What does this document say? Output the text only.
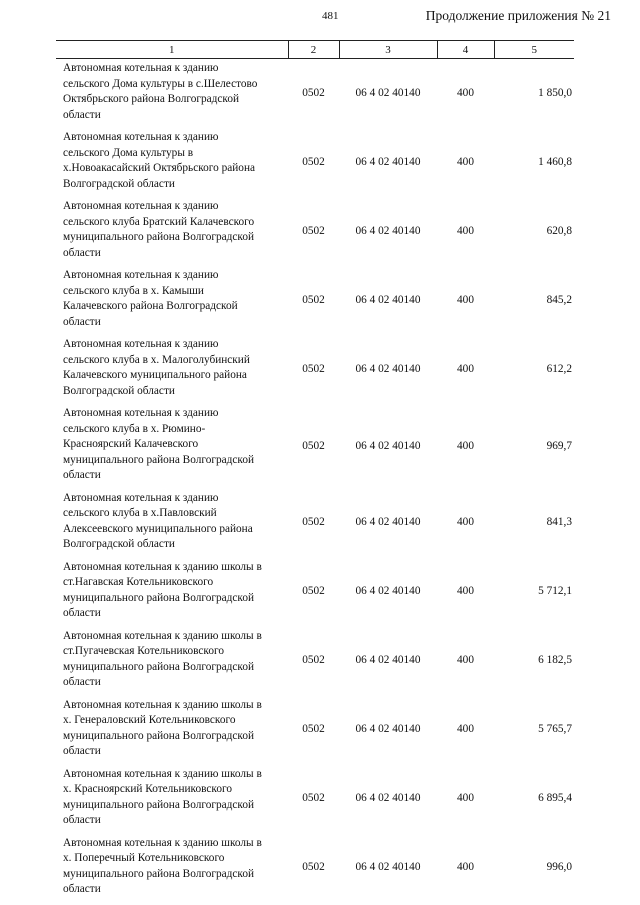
481	Продолжение приложения № 21
1	2	3	4	5

Автономная котельная к зданию
сельского Дома культуры в с.Шелестово
Октябрьского района Волгоградской
области	0502	06 4 02 40140	400	1 850,0

Автономная котельная к зданию
сельского Дома культуры в
х.Новоакасайский Октябрьского района
Волгоградской области	0502	06 4 02 40140	400	1 460,8

Автономная котельная к зданию
сельского клуба Братский Калачевского
муниципального района Волгоградской
области	0502	06 4 02 40140	400	620,8

Автономная котельная к зданию
сельского клуба в х. Камыши
Калачевского района Волгоградской
области	0502	06 4 02 40140	400	845,2

Автономная котельная к зданию
сельского клуба в х. Малоголубинский
Калачевского муниципального района
Волгоградской области	0502	06 4 02 40140	400	612,2

Автономная котельная к зданию
сельского клуба в х. Рюмино-
Красноярский Калачевского
муниципального района Волгоградской
области	0502	06 4 02 40140	400	969,7

Автономная котельная к зданию
сельского клуба в х.Павловский
Алексеевского муниципального района
Волгоградской области	0502	06 4 02 40140	400	841,3

Автономная котельная к зданию школы в
ст.Нагавская Котельниковского
муниципального района Волгоградской
области	0502	06 4 02 40140	400	5 712,1

Автономная котельная к зданию школы в
ст.Пугачевская Котельниковского
муниципального района Волгоградской
области	0502	06 4 02 40140	400	6 182,5

Автономная котельная к зданию школы в
х. Генераловский Котельниковского
муниципального района Волгоградской
области	0502	06 4 02 40140	400	5 765,7

Автономная котельная к зданию школы в
х. Красноярский Котельниковского
муниципального района Волгоградской
области	0502	06 4 02 40140	400	6 895,4

Автономная котельная к зданию школы в
х. Поперечный Котельниковского
муниципального района Волгоградской
области	0502	06 4 02 40140	400	996,0
